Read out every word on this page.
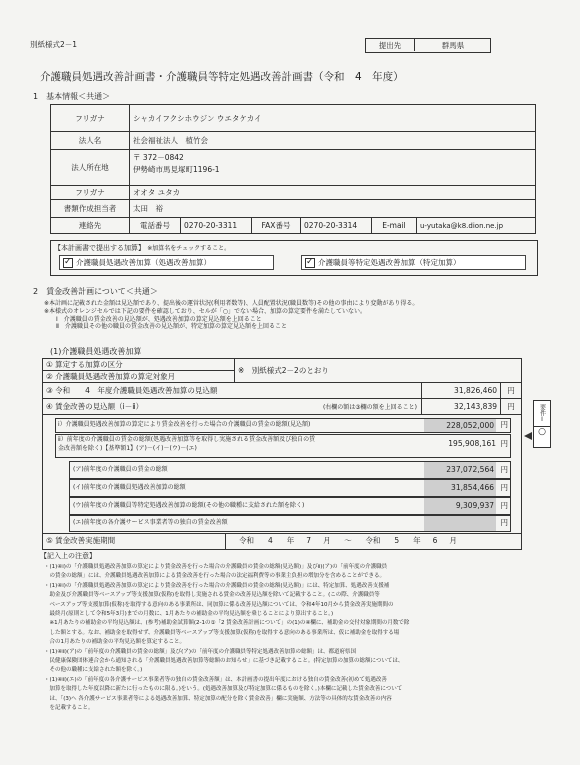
別紙様式2－1	提出先	群馬県
介護職員処遇改善計画書・介護職員等特定処遇改善計画書（令和　4　年度）
1　基本情報＜共通＞
フリガナ	シャカイフクシホウジン ウエタケカイ					
法人名	社会福祉法人　植竹会					
法人所在地	〒 372－0842
伊勢崎市馬見塚町1196-1					

フリガナ	オオタ ユタカ					
書類作成担当者	太田　裕					
連絡先	電話番号	0270-20-3311	FAX番号	0270-20-3314	E-mail	u-yutaka@k8.dion.ne.jp
【本計画書で提出する加算】 ※加算名をチェックすること。
✓介護職員処遇改善加算（処遇改善加算） ✓	介護職員等特定処遇改善加算（特定加算）
2　賃金改善計画について＜共通＞
※本計画に記載された金額は見込額であり、提出後の運営状況(利用者数等)、人員配置状況(職員数等)その他の事由により変動があり得る。
※本様式のオレンジセルでは下記の要件を確認しており、セルが「○」でない場合、加算の算定要件を満たしていない。
Ⅰ　介護職員の賃金改善の見込額が、処遇改善加算の算定見込額を上回ること
Ⅱ　介護職員その他の職員の賃金改善の見込額が、特定加算の算定見込額を上回ること
(1)介護職員処遇改善加算
① 算定する加算の区分	※　別紙様式2－2のとおり		
② 介護職員処遇改善加算の算定対象月			
③ 令和　　4　年度介護職員処遇改善加算の見込額		31,826,460	円
④ 賃金改善の見込額（ⅰ－ⅱ） (右欄の額は③欄の額を上回ること)		32,143,839	円
ⅰ）介護職員処遇改善加算の算定により賃金改善を行った場合の介護職員の賃金の総額(見込額)	228,052,000 円
ⅱ）前年度の介護職員の賃金の総額(処遇改善加算等を取得し実施される賃金改善額及び独自の賃
金改善額を除く)【基準額1】(ア)－(イ)－(ウ)－(エ)
195,908,161 円
(ア)前年度の介護職員の賃金の総額	237,072,564 円
(イ)前年度の介護職員処遇改善加算の総額	31,854,466 円
(ウ)前年度の介護職員等特定処遇改善加算の総額(その他の職種に支給された額を除く)	9,309,937 円
(エ)前年度の各介護サービス事業者等の独自の賃金改善額	円
⑤ 賃金改善実施期間	令和 4 年 7 月 ～ 令和 5 年 6 月
要件Ⅰ
○
【記入上の注意】
・(1)④ⅰ)の「介護職員処遇改善加算の算定により賃金改善を行った場合の介護職員の賃金の総額(見込額)」及びⅱ)(ア)の「前年度の介護職員
　の賃金の総額」には、介護職員処遇改善加算による賃金改善を行った場合の法定福利費等の事業主負担の増加分を含めることができる。
・(1)④ⅰ)の「介護職員処遇改善加算の算定により賃金改善を行った場合の介護職員の賃金の総額(見込額)」には、特定加算、処遇改善支援補
　助金及び介護職員等ベースアップ等支援加算(仮称)を取得し実施される賃金の改善見込額を除いて記載すること。(この際、介護職員等
　ベースアップ等支援加算(仮称)を取得する意向のある事業所は、同加算に係る改善見込額については、令和4年10月から賃金改善実施期間の
　最終月(原則として令和5年3月)までの月数に、1月あたりの補助金の平均見込額を乗じることにより算出すること。)
　※1月あたりの補助金の平均見込額は、(参考)補助金試算額(2-1の①「2 賃金改善計画について」の(1)の④欄に、補助金の交付対象期間の月数で除
　した額とする。なお、補助金を取得せず、介護職員等ベースアップ等支援加算(仮称)を取得する意向のある事業所は、仮に補助金を取得する場
　合の1月あたりの補助金の平均見込額を算定すること。
・(1)④ⅱ)(ア)の「前年度の介護職員の賃金の総額」及び(ア)の「前年度の介護職員等特定処遇改善加算の総額」は、都道府県国
　民健康保険団体連合会から通知される「介護職員処遇改善加算等総額のお知らせ」に基づき記載すること。(特定加算の加算の総額については、
　その他の職種に支給された額を除く。)
・(1)④ⅱ)(エ)の「前年度の各介護サービス事業者等の独自の賃金改善額」は、本計画書の提出年度における独自の賃金改善(初めて処遇改善
　加算を取得した年度以降に新たに行ったものに限る。)をいう。(処遇改善加算及び特定加算に係るものを除く。)本欄に記載した賃金改善について
　は、「(3)へ 各介護サービス事業者等による処遇改善加算、特定加算の配分を除く賃金改善」欄に実施額、方法等の具体的な賃金改善の内容
　を記載すること。
